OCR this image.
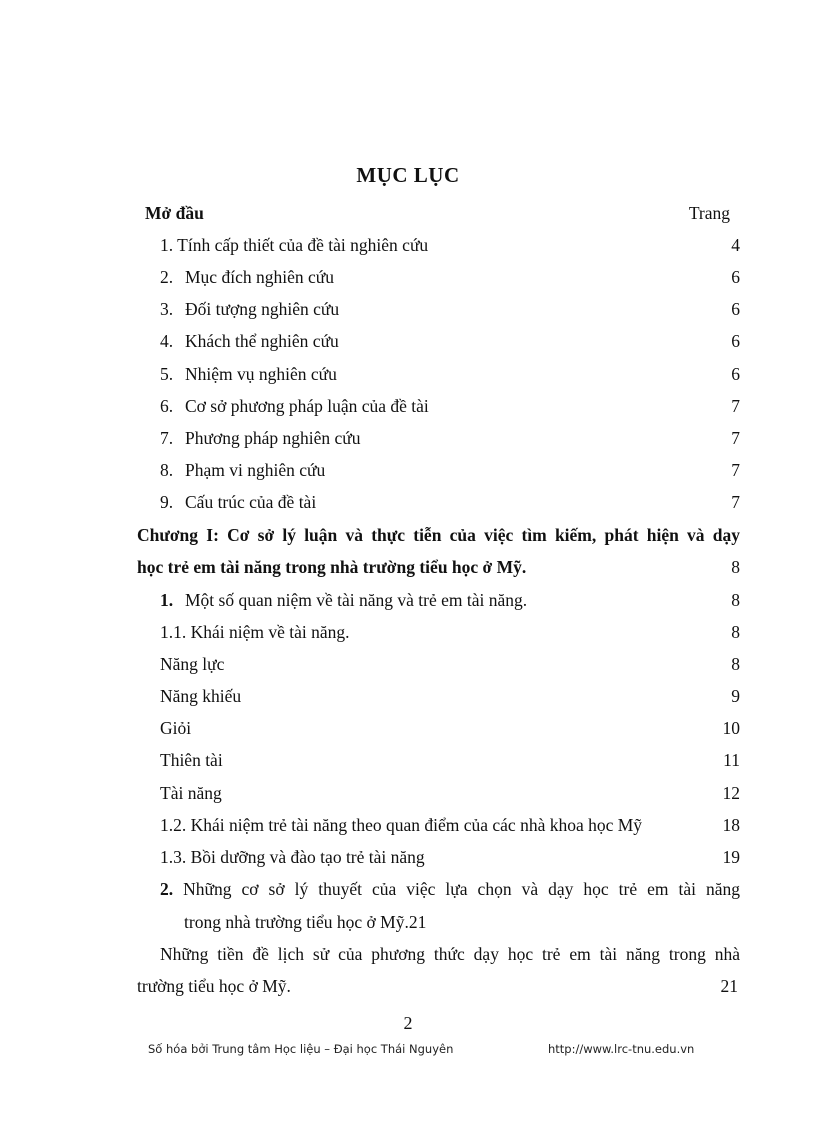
MỤC LỤC
Mở đầu	Trang
1. Tính cấp thiết của đề tài nghiên cứu	4
2. Mục đích nghiên cứu	6
3. Đối tượng nghiên cứu	6
4. Khách thể nghiên cứu	6
5. Nhiệm vụ nghiên cứu	6
6. Cơ sở phương pháp luận của đề tài	7
7. Phương pháp nghiên cứu	7
8. Phạm vi nghiên cứu	7
9. Cấu trúc của đề tài	7
Chương I: Cơ sở lý luận và thực tiễn của việc tìm kiếm, phát hiện và dạy
học trẻ em tài năng trong nhà trường tiểu học ở Mỹ.	8
1. Một số quan niệm về tài năng và trẻ em tài năng.	8
1.1. Khái niệm về tài năng.	8
Năng lực	8
Năng khiếu	9
Giỏi	10
Thiên tài	11
Tài năng	12
1.2. Khái niệm trẻ tài năng theo quan điểm của các nhà khoa học Mỹ	18
1.3. Bồi dưỡng và đào tạo trẻ tài năng	19
2. Những cơ sở lý thuyết của việc lựa chọn và dạy học trẻ em tài năng
trong nhà trường tiểu học ở Mỹ.21
Những tiền đề lịch sử của phương thức dạy học trẻ em tài năng trong nhà
trường tiểu học ở Mỹ.	21
2
Số hóa bởi Trung tâm Học liệu – Đại học Thái Nguyên	http://www.lrc-tnu.edu.vn
